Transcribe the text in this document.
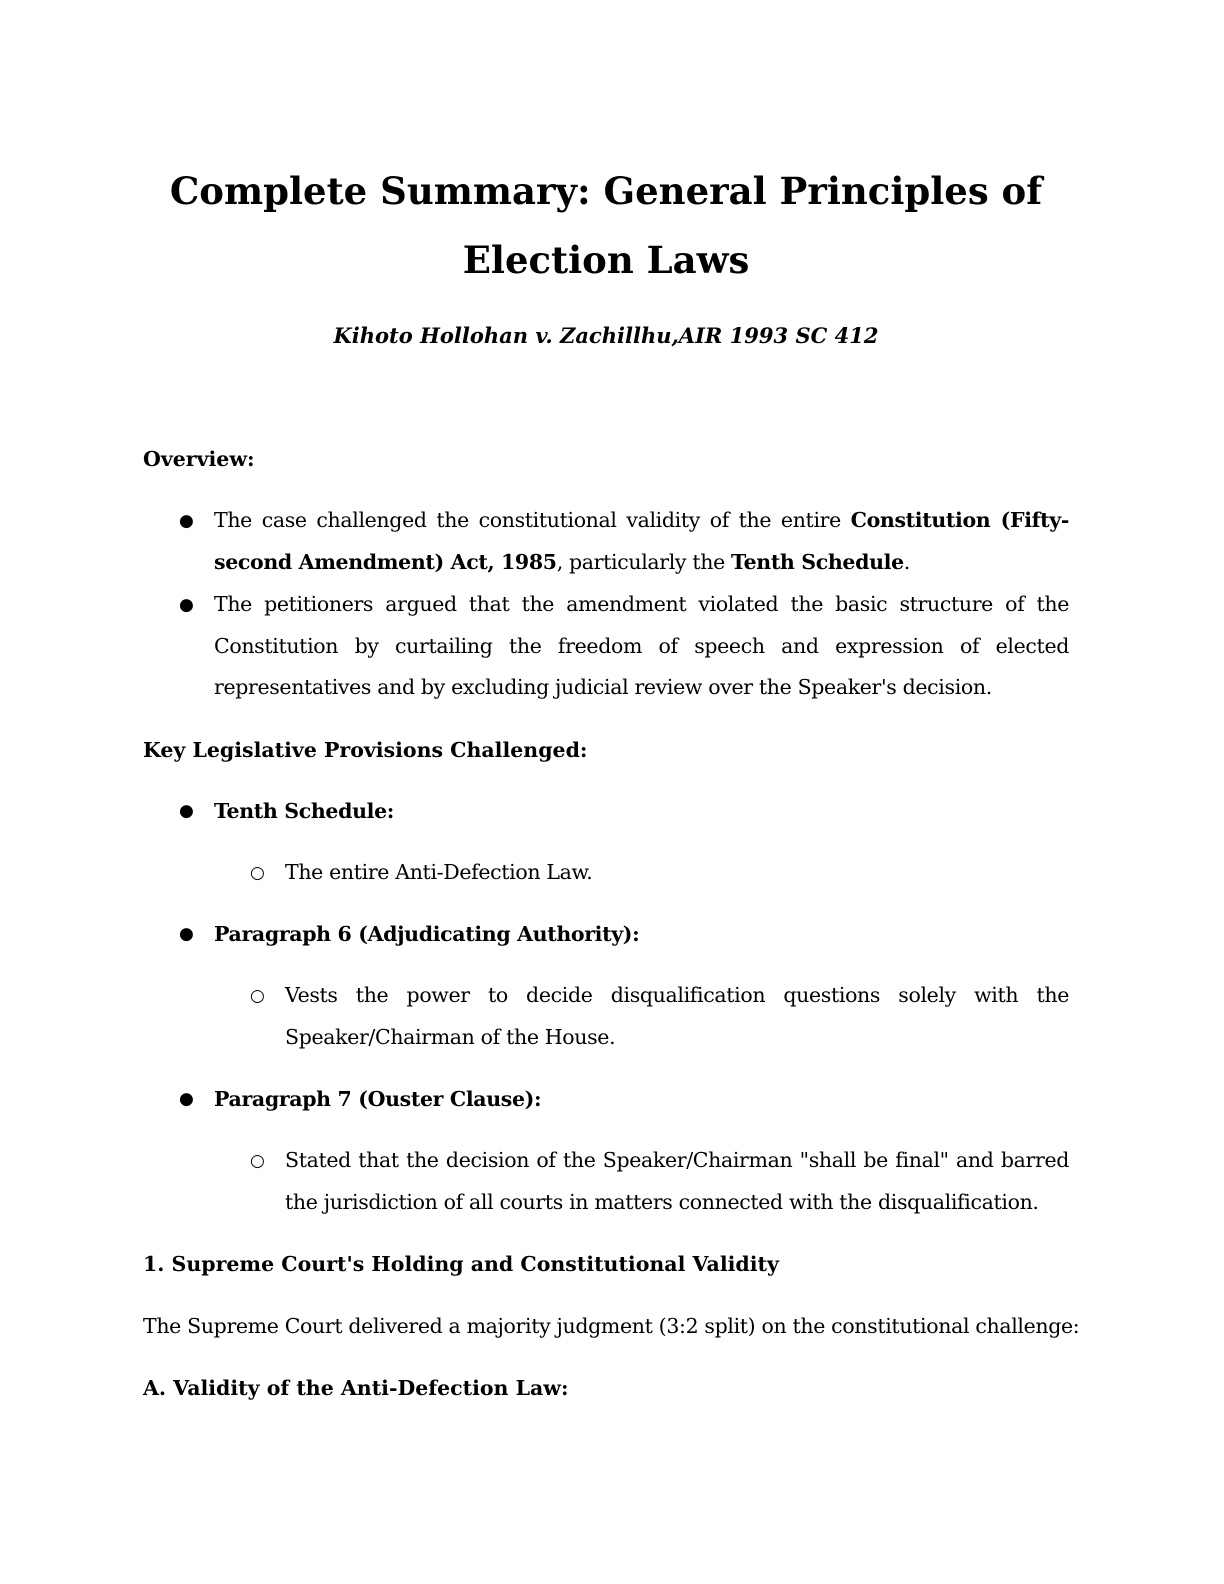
Complete Summary: General Principles of Election Laws

Kihoto Hollohan v. Zachillhu,AIR 1993 SC 412

Overview:

● The case challenged the constitutional validity of the entire Constitution (Fifty-second Amendment) Act, 1985, particularly the Tenth Schedule.
● The petitioners argued that the amendment violated the basic structure of the Constitution by curtailing the freedom of speech and expression of elected representatives and by excluding judicial review over the Speaker's decision.

Key Legislative Provisions Challenged:

● Tenth Schedule:
○ The entire Anti-Defection Law.
● Paragraph 6 (Adjudicating Authority):
○ Vests the power to decide disqualification questions solely with the Speaker/Chairman of the House.
● Paragraph 7 (Ouster Clause):
○ Stated that the decision of the Speaker/Chairman "shall be final" and barred the jurisdiction of all courts in matters connected with the disqualification.

1. Supreme Court's Holding and Constitutional Validity

The Supreme Court delivered a majority judgment (3:2 split) on the constitutional challenge:

A. Validity of the Anti-Defection Law:
